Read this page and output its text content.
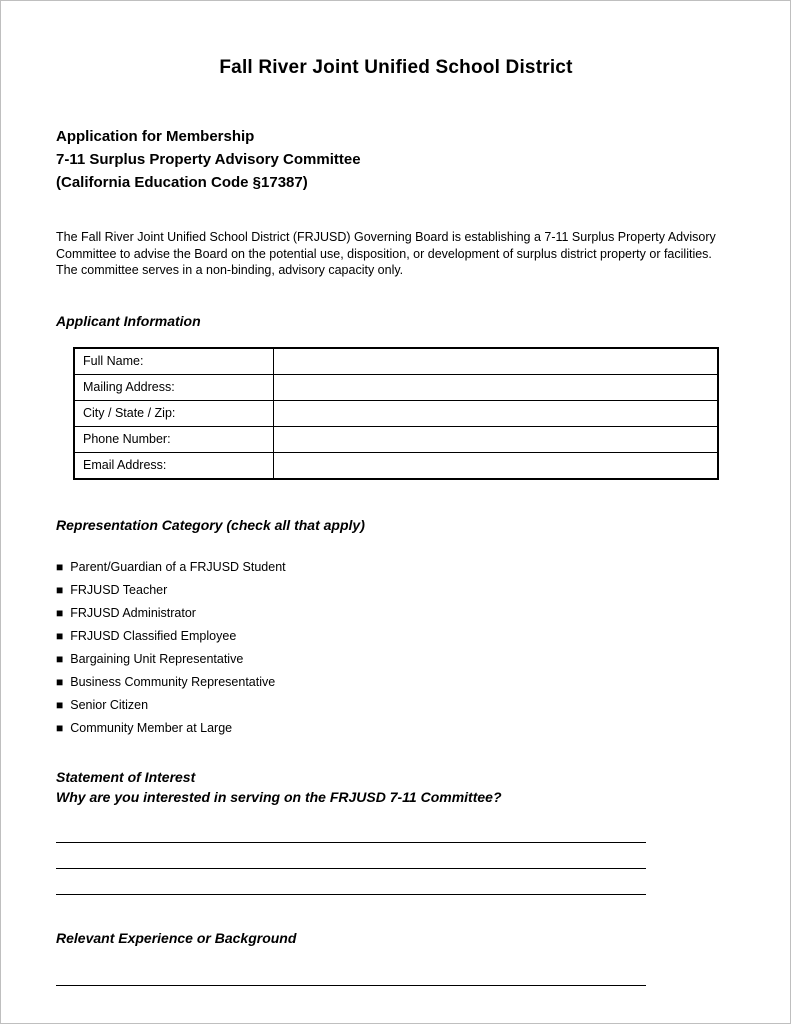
Fall River Joint Unified School District
Application for Membership
7-11 Surplus Property Advisory Committee
(California Education Code §17387)

The Fall River Joint Unified School District (FRJUSD) Governing Board is establishing a 7-11 Surplus Property Advisory Committee to advise the Board on the potential use, disposition, or development of surplus district property or facilities. The committee serves in a non-binding, advisory capacity only.

Applicant Information
Full Name:	
Mailing Address:	
City / State / Zip:	
Phone Number:	
Email Address:	
Representation Category (check all that apply)
■ Parent/Guardian of a FRJUSD Student
■ FRJUSD Teacher
■ FRJUSD Administrator
■ FRJUSD Classified Employee
■ Bargaining Unit Representative
■ Business Community Representative
■ Senior Citizen
■ Community Member at Large
Statement of Interest
Why are you interested in serving on the FRJUSD 7-11 Committee?
Relevant Experience or Background
